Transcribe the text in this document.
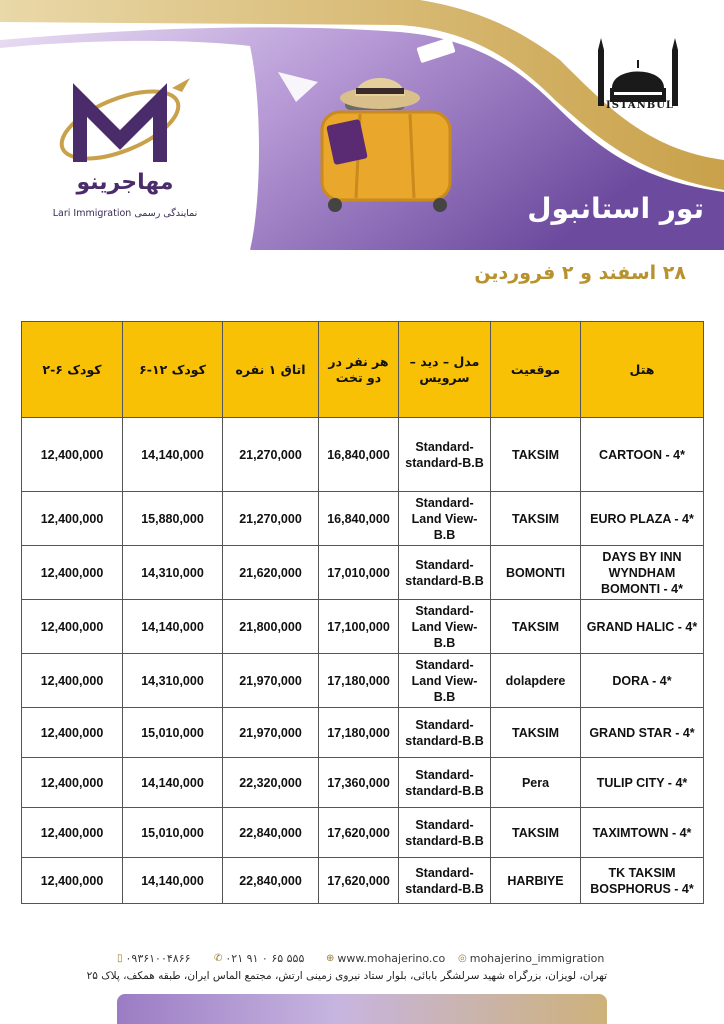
مهاجرینو
Lari Immigration نمایندگی رسمی
ISTANBUL
تور استانبول
۲۸ اسفند و ۲ فروردین
هتل	موقعیت	مدل – دید – سرویس	هر نفر در دو تخت	اتاق ۱ نفره	کودک ۱۲-۶	کودک ۶-۲
CARTOON - 4*	TAKSIM	Standard-standard-B.B	16,840,000	21,270,000	14,140,000	12,400,000
EURO PLAZA - 4*	TAKSIM	Standard-Land View-B.B	16,840,000	21,270,000	15,880,000	12,400,000
DAYS BY INN WYNDHAM BOMONTI - 4*	BOMONTI	Standard-standard-B.B	17,010,000	21,620,000	14,310,000	12,400,000
GRAND HALIC - 4*	TAKSIM	Standard-Land View-B.B	17,100,000	21,800,000	14,140,000	12,400,000
DORA - 4*	dolapdere	Standard-Land View-B.B	17,180,000	21,970,000	14,310,000	12,400,000
GRAND STAR - 4*	TAKSIM	Standard-standard-B.B	17,180,000	21,970,000	15,010,000	12,400,000
TULIP CITY - 4*	Pera	Standard-standard-B.B	17,360,000	22,320,000	14,140,000	12,400,000
TAXIMTOWN - 4*	TAKSIM	Standard-standard-B.B	17,620,000	22,840,000	15,010,000	12,400,000
TK TAKSIM BOSPHORUS - 4*	HARBIYE	Standard-standard-B.B	17,620,000	22,840,000	14,140,000	12,400,000
◎ mohajerino_immigration
⊕ www.mohajerino.co
✆ ۰۲۱ ۹۱ ۰ ۶۵ ۵۵۵
▯ ۰۹۳۶۱۰۰۴۸۶۶
تهران، لویزان، بزرگراه شهید سرلشگر بابائی، بلوار ستاد نیروی زمینی ارتش، مجتمع الماس ایران، طبقه همکف، پلاک ۲۵
